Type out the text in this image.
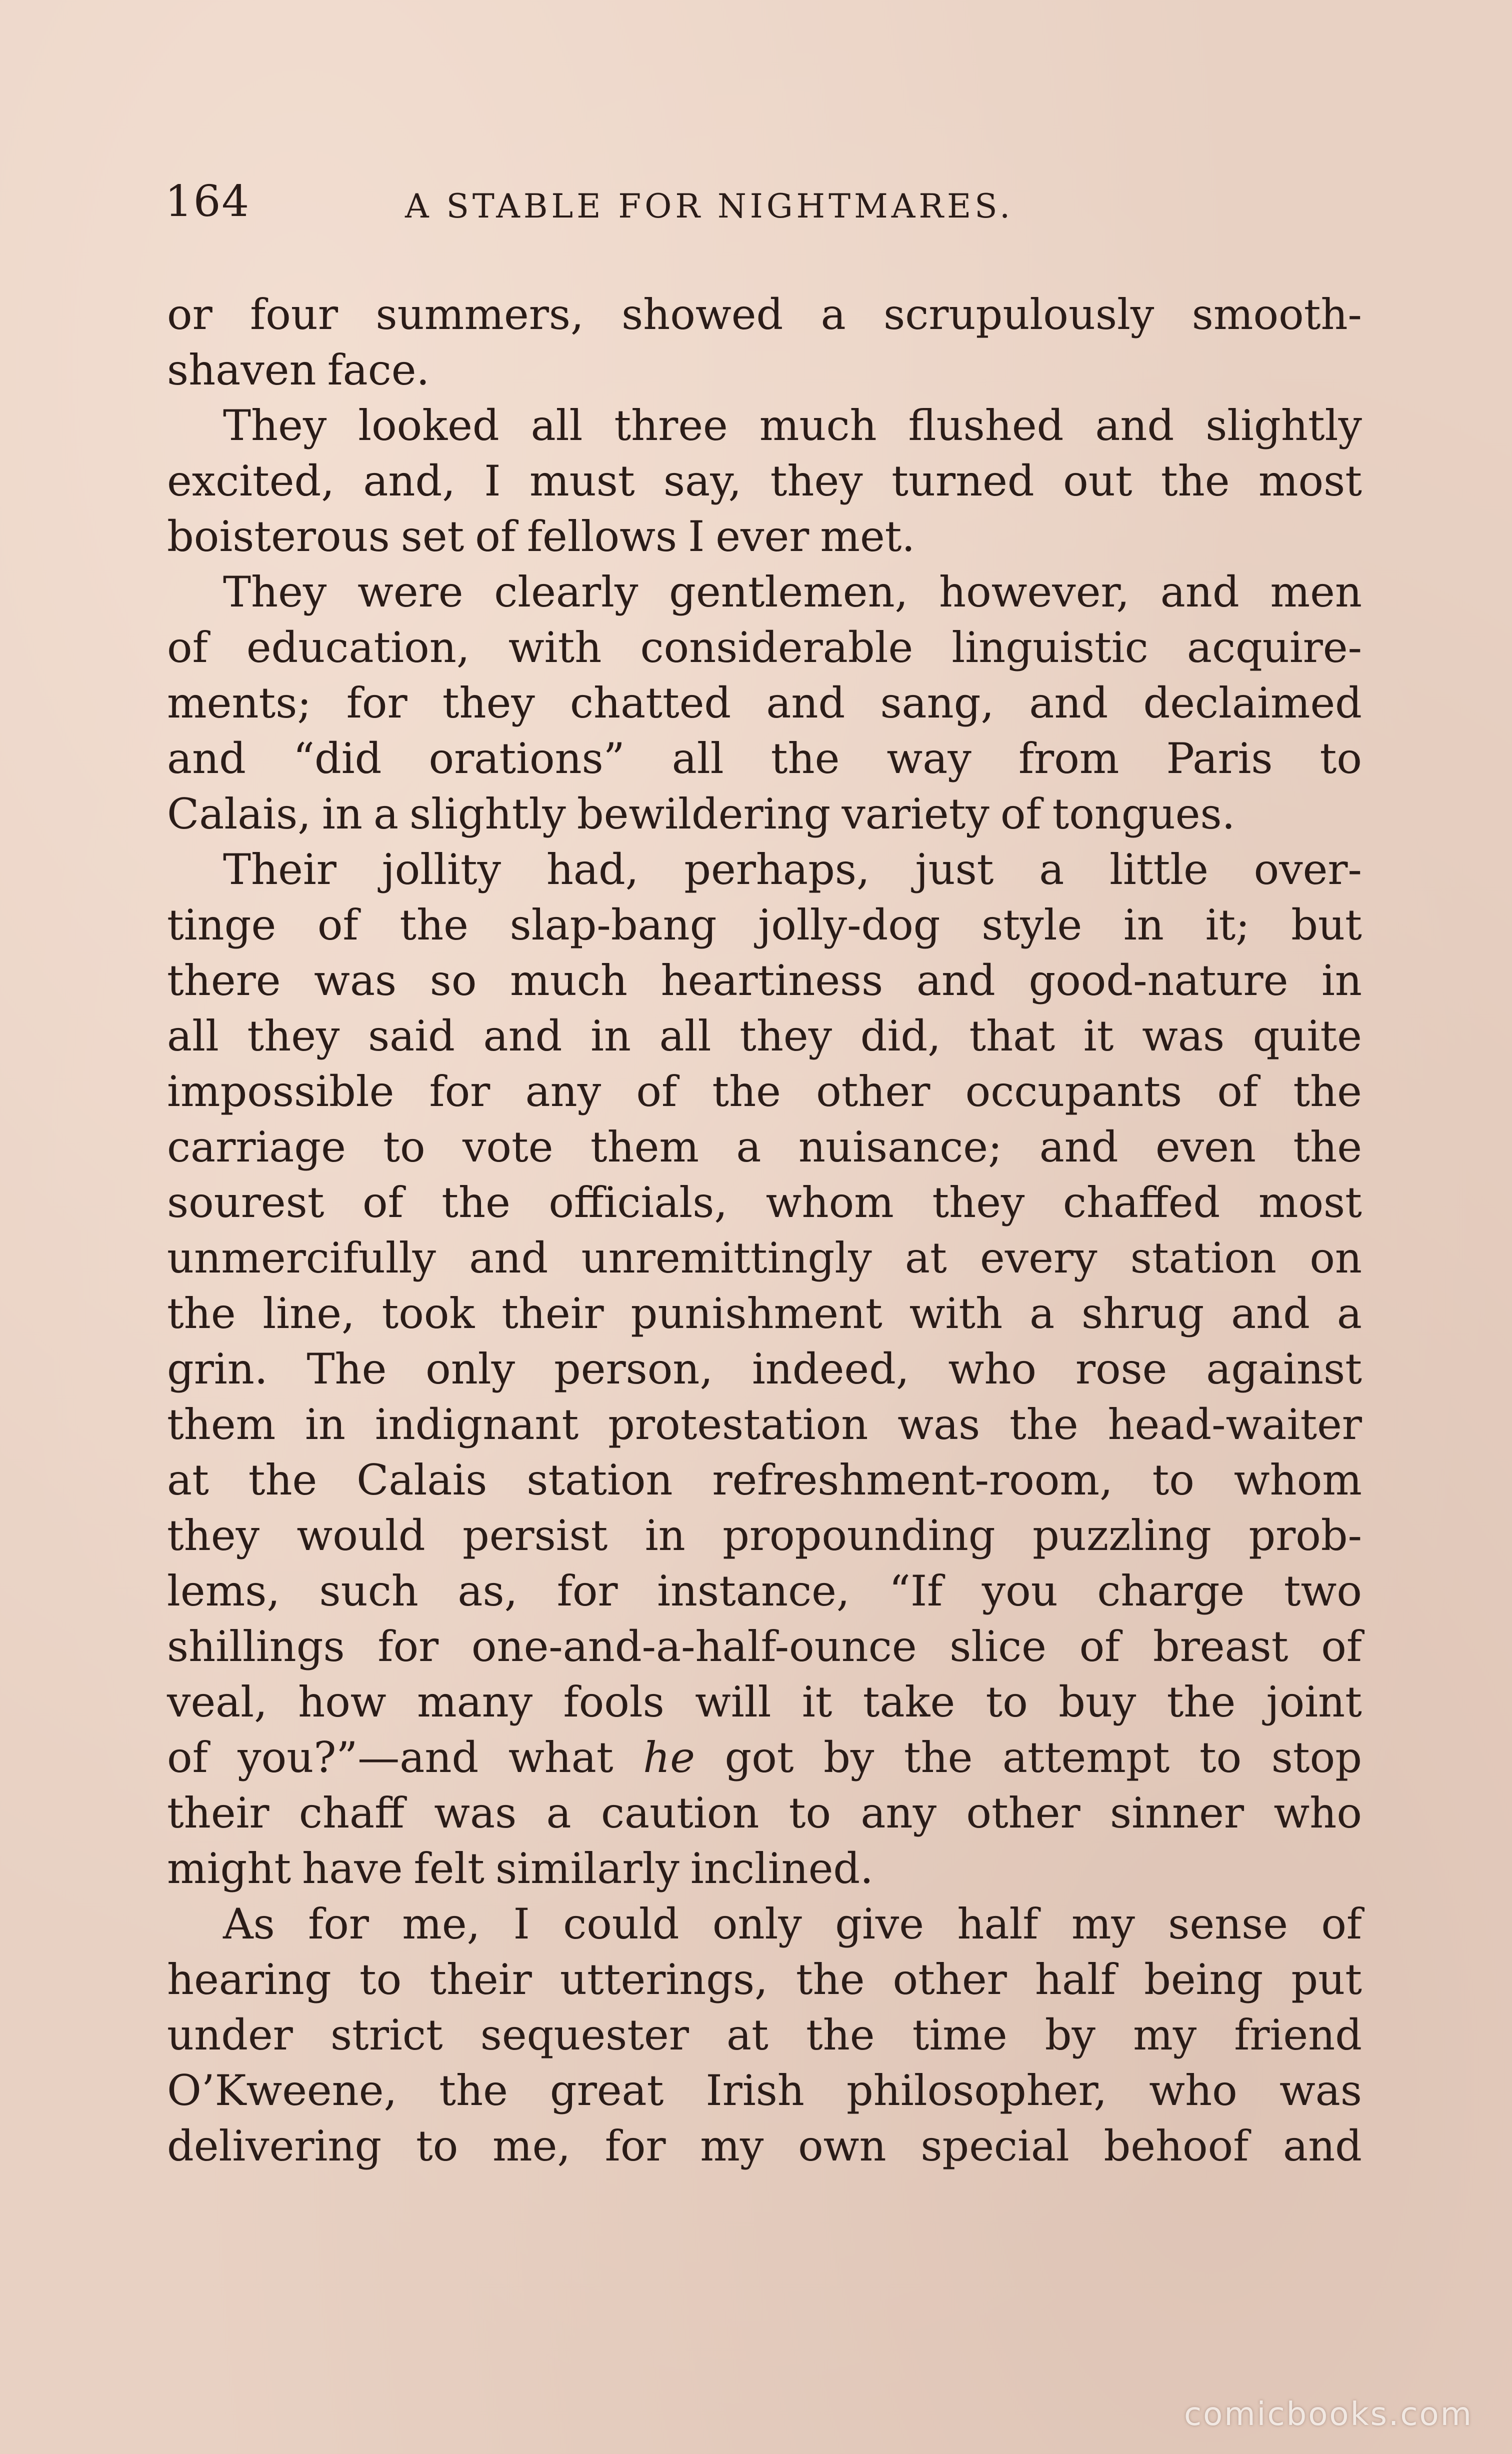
164	A STABLE FOR NIGHTMARES.
or four summers, showed a scrupulously smooth-
shaven face.
They looked all three much flushed and slightly
excited, and, I must say, they turned out the most
boisterous set of fellows I ever met.
They were clearly gentlemen, however, and men
of education, with considerable linguistic acquire-
ments; for they chatted and sang, and declaimed
and “did orations” all the way from Paris to
Calais, in a slightly bewildering variety of tongues.
Their jollity had, perhaps, just a little over-
tinge of the slap-bang jolly-dog style in it; but
there was so much heartiness and good-nature in
all they said and in all they did, that it was quite
impossible for any of the other occupants of the
carriage to vote them a nuisance; and even the
sourest of the officials, whom they chaffed most
unmercifully and unremittingly at every station on
the line, took their punishment with a shrug and a
grin. The only person, indeed, who rose against
them in indignant protestation was the head-waiter
at the Calais station refreshment-room, to whom
they would persist in propounding puzzling prob-
lems, such as, for instance, “If you charge two
shillings for one-and-a-half-ounce slice of breast of
veal, how many fools will it take to buy the joint
of you?”—and what he got by the attempt to stop
their chaff was a caution to any other sinner who
might have felt similarly inclined.
As for me, I could only give half my sense of
hearing to their utterings, the other half being put
under strict sequester at the time by my friend
O’Kweene, the great Irish philosopher, who was
delivering to me, for my own special behoof and
comicbooks.com
